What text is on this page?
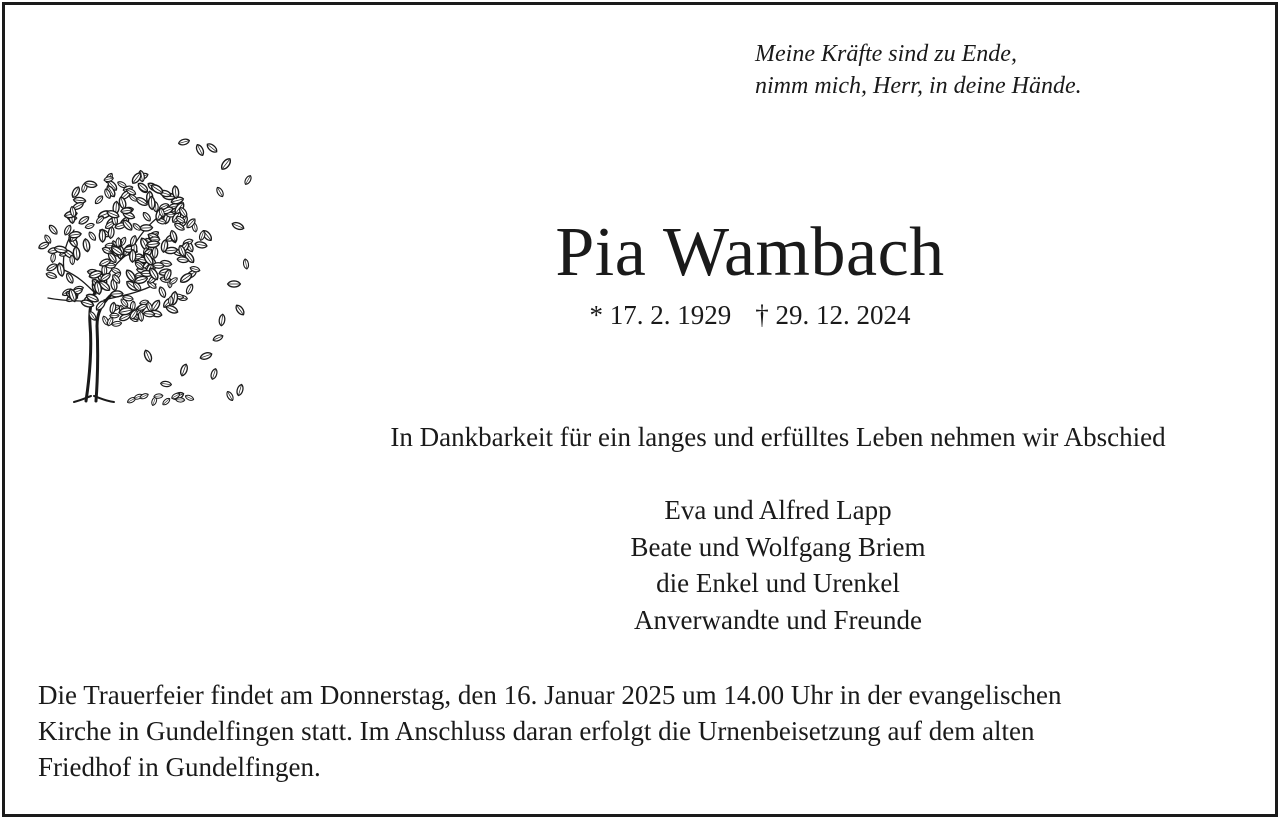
Meine Kräfte sind zu Ende,
nimm mich, Herr, in deine Hände.
Pia Wambach
* 17. 2. 1929 † 29. 12. 2024
In Dankbarkeit für ein langes und erfülltes Leben nehmen wir Abschied
Eva und Alfred Lapp
Beate und Wolfgang Briem
die Enkel und Urenkel
Anverwandte und Freunde
Die Trauerfeier findet am Donnerstag, den 16. Januar 2025 um 14.00 Uhr in der evangelischen
Kirche in Gundelfingen statt. Im Anschluss daran erfolgt die Urnenbeisetzung auf dem alten
Friedhof in Gundelfingen.
